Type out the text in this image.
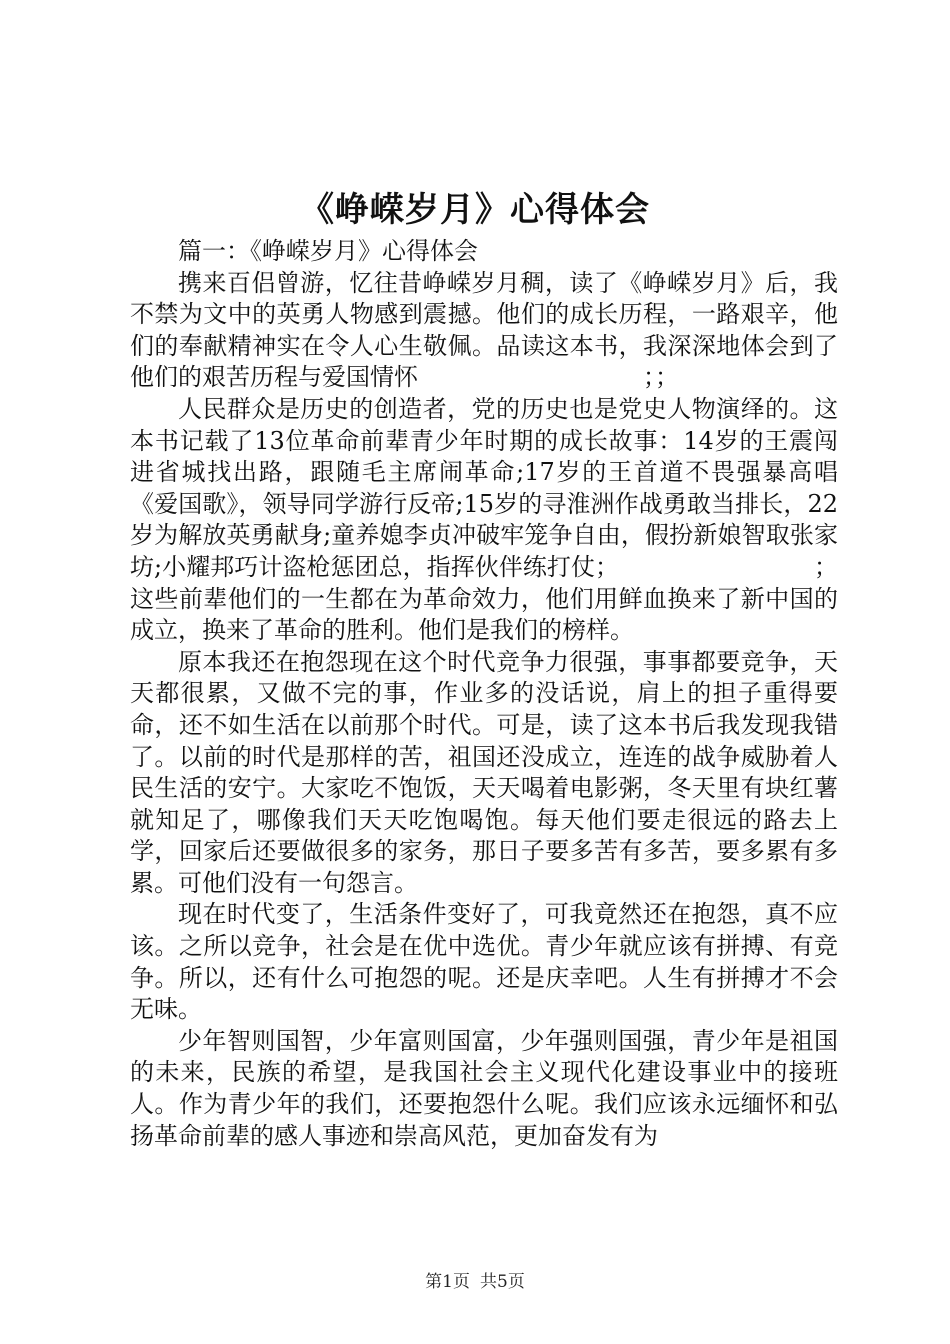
《峥嵘岁月》心得体会

篇一：《峥嵘岁月》心得体会

携来百侣曾游，忆往昔峥嵘岁月稠，读了《峥嵘岁月》后，我不禁为文中的英勇人物感到震撼。他们的成长历程，一路艰辛，他们的奉献精神实在令人心生敬佩。品读这本书，我深深地体会到了他们的艰苦历程与爱国情怀	；；

人民群众是历史的创造者，党的历史也是党史人物演绎的。这本书记载了13位革命前辈青少年时期的成长故事：14岁的王震闯进省城找出路，跟随毛主席闹革命;17岁的王首道不畏强暴高唱《爱国歌》，领导同学游行反帝;15岁的寻淮洲作战勇敢当排长，22岁为解放英勇献身;童养媳李贞冲破牢笼争自由，假扮新娘智取张家坊;小耀邦巧计盗枪惩团总，指挥伙伴练打仗；	；这些前辈他们的一生都在为革命效力，他们用鲜血换来了新中国的成立，换来了革命的胜利。他们是我们的榜样。

原本我还在抱怨现在这个时代竞争力很强，事事都要竞争，天天都很累，又做不完的事，作业多的没话说，肩上的担子重得要命，还不如生活在以前那个时代。可是，读了这本书后我发现我错了。以前的时代是那样的苦，祖国还没成立，连连的战争威胁着人民生活的安宁。大家吃不饱饭，天天喝着电影粥，冬天里有块红薯就知足了，哪像我们天天吃饱喝饱。每天他们要走很远的路去上学，回家后还要做很多的家务，那日子要多苦有多苦，要多累有多累。可他们没有一句怨言。

现在时代变了，生活条件变好了，可我竟然还在抱怨，真不应该。之所以竞争，社会是在优中选优。青少年就应该有拼搏、有竞争。所以，还有什么可抱怨的呢。还是庆幸吧。人生有拼搏才不会无味。

少年智则国智，少年富则国富，少年强则国强，青少年是祖国的未来，民族的希望，是我国社会主义现代化建设事业中的接班人。作为青少年的我们，还要抱怨什么呢。我们应该永远缅怀和弘扬革命前辈的感人事迹和崇高风范，更加奋发有为

第1页 共5页
